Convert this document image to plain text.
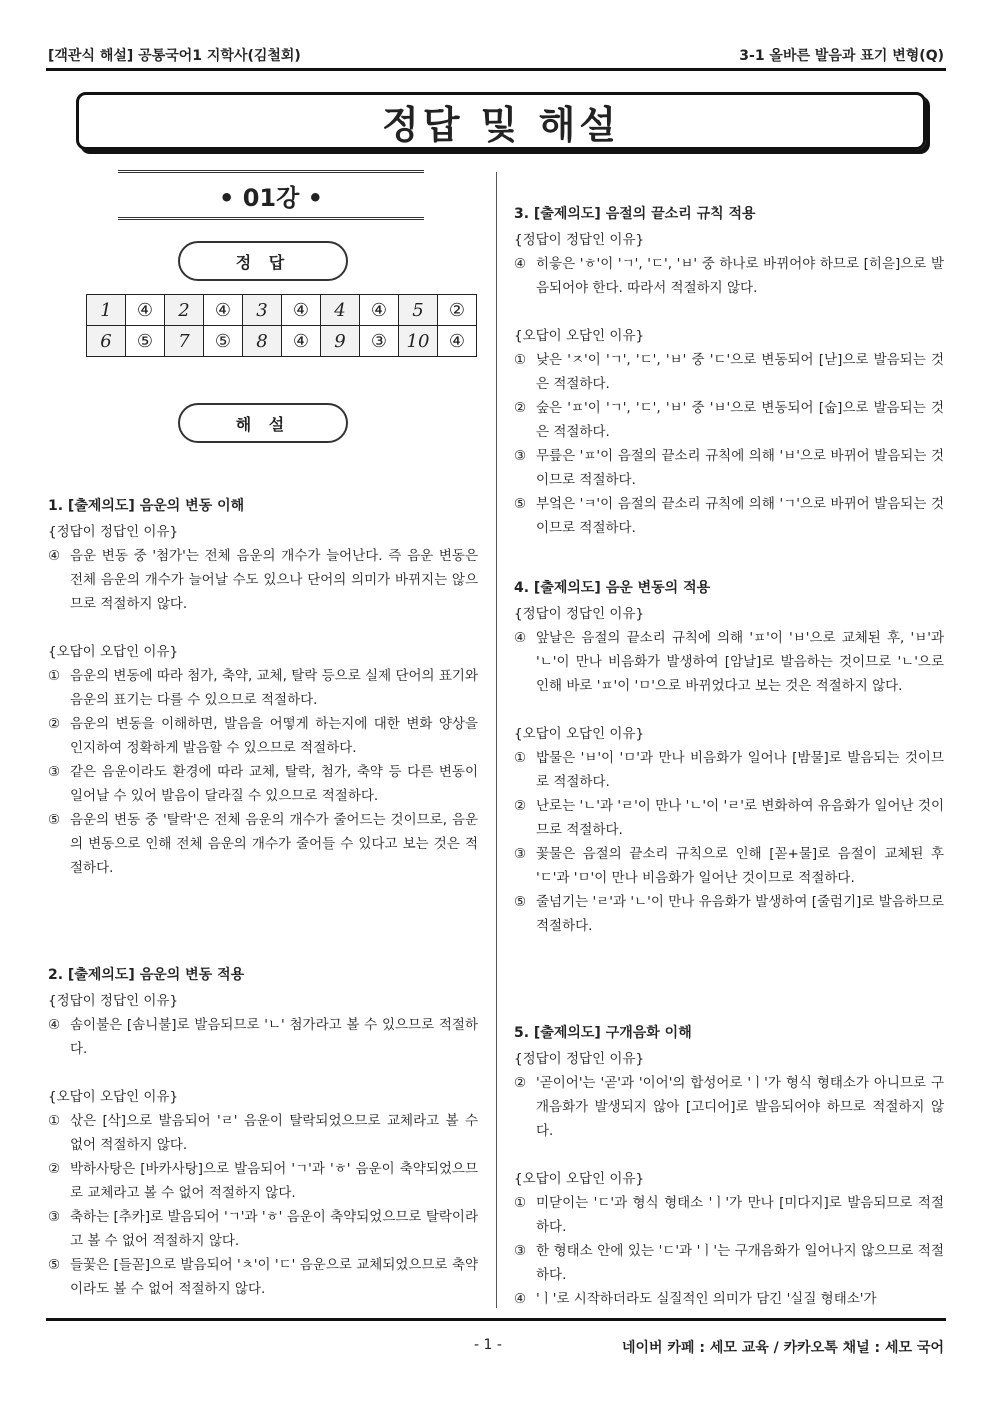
[객관식 해설] 공통국어1 지학사(김철회)	3-1 올바른 발음과 표기 변형(Q)
정답 및 해설
• 01강 •
정 답
1	④	2	④	3	④	4	④	5	②
6	⑤	7	⑤	8	④	9	③	10	④
해 설
1. [출제의도] 음운의 변동 이해
{정답이 정답인 이유}
④ 음운 변동 중 '첨가'는 전체 음운의 개수가 늘어난다. 즉 음운 변동은 전체 음운의 개수가 늘어날 수도 있으나 단어의 의미가 바뀌지는 않으므로 적절하지 않다.
{오답이 오답인 이유}
① 음운의 변동에 따라 첨가, 축약, 교체, 탈락 등으로 실제 단어의 표기와 음운의 표기는 다를 수 있으므로 적절하다.
② 음운의 변동을 이해하면, 발음을 어떻게 하는지에 대한 변화 양상을 인지하여 정확하게 발음할 수 있으므로 적절하다.
③ 같은 음운이라도 환경에 따라 교체, 탈락, 첨가, 축약 등 다른 변동이 일어날 수 있어 발음이 달라질 수 있으므로 적절하다.
⑤ 음운의 변동 중 '탈락'은 전체 음운의 개수가 줄어드는 것이므로, 음운의 변동으로 인해 전체 음운의 개수가 줄어들 수 있다고 보는 것은 적절하다.
2. [출제의도] 음운의 변동 적용
{정답이 정답인 이유}
④ 솜이불은 [솜니불]로 발음되므로 'ㄴ' 첨가라고 볼 수 있으므로 적절하다.
{오답이 오답인 이유}
① 삯은 [삭]으로 발음되어 'ㄹ' 음운이 탈락되었으므로 교체라고 볼 수 없어 적절하지 않다.
② 박하사탕은 [바카사탕]으로 발음되어 'ㄱ'과 'ㅎ' 음운이 축약되었으므로 교체라고 볼 수 없어 적절하지 않다.
③ 축하는 [추카]로 발음되어 'ㄱ'과 'ㅎ' 음운이 축약되었으므로 탈락이라고 볼 수 없어 적절하지 않다.
⑤ 들꽃은 [들꼳]으로 발음되어 'ㅊ'이 'ㄷ' 음운으로 교체되었으므로 축약이라도 볼 수 없어 적절하지 않다.
3. [출제의도] 음절의 끝소리 규칙 적용
{정답이 정답인 이유}
④ 히읗은 'ㅎ'이 'ㄱ', 'ㄷ', 'ㅂ' 중 하나로 바뀌어야 하므로 [히읃]으로 발음되어야 한다. 따라서 적절하지 않다.
{오답이 오답인 이유}
① 낮은 'ㅈ'이 'ㄱ', 'ㄷ', 'ㅂ' 중 'ㄷ'으로 변동되어 [낟]으로 발음되는 것은 적절하다.
② 숲은 'ㅍ'이 'ㄱ', 'ㄷ', 'ㅂ' 중 'ㅂ'으로 변동되어 [숩]으로 발음되는 것은 적절하다.
③ 무릎은 'ㅍ'이 음절의 끝소리 규칙에 의해 'ㅂ'으로 바뀌어 발음되는 것이므로 적절하다.
⑤ 부엌은 'ㅋ'이 음절의 끝소리 규칙에 의해 'ㄱ'으로 바뀌어 발음되는 것이므로 적절하다.
4. [출제의도] 음운 변동의 적용
{정답이 정답인 이유}
④ 앞날은 음절의 끝소리 규칙에 의해 'ㅍ'이 'ㅂ'으로 교체된 후, 'ㅂ'과 'ㄴ'이 만나 비음화가 발생하여 [암날]로 발음하는 것이므로 'ㄴ'으로 인해 바로 'ㅍ'이 'ㅁ'으로 바뀌었다고 보는 것은 적절하지 않다.
{오답이 오답인 이유}
① 밥물은 'ㅂ'이 'ㅁ'과 만나 비음화가 일어나 [밤물]로 발음되는 것이므로 적절하다.
② 난로는 'ㄴ'과 'ㄹ'이 만나 'ㄴ'이 'ㄹ'로 변화하여 유음화가 일어난 것이므로 적절하다.
③ 꽃물은 음절의 끝소리 규칙으로 인해 [꼳+물]로 음절이 교체된 후 'ㄷ'과 'ㅁ'이 만나 비음화가 일어난 것이므로 적절하다.
⑤ 줄넘기는 'ㄹ'과 'ㄴ'이 만나 유음화가 발생하여 [줄럼기]로 발음하므로 적절하다.
5. [출제의도] 구개음화 이해
{정답이 정답인 이유}
② '곧이어'는 '곧'과 '이어'의 합성어로 'ㅣ'가 형식 형태소가 아니므로 구개음화가 발생되지 않아 [고디어]로 발음되어야 하므로 적절하지 않다.
{오답이 오답인 이유}
① 미닫이는 'ㄷ'과 형식 형태소 'ㅣ'가 만나 [미다지]로 발음되므로 적절하다.
③ 한 형태소 안에 있는 'ㄷ'과 'ㅣ'는 구개음화가 일어나지 않으므로 적절하다.
④ 'ㅣ'로 시작하더라도 실질적인 의미가 담긴 '실질 형태소'가
- 1 -	네이버 카페 : 세모 교육 / 카카오톡 채널 : 세모 국어
